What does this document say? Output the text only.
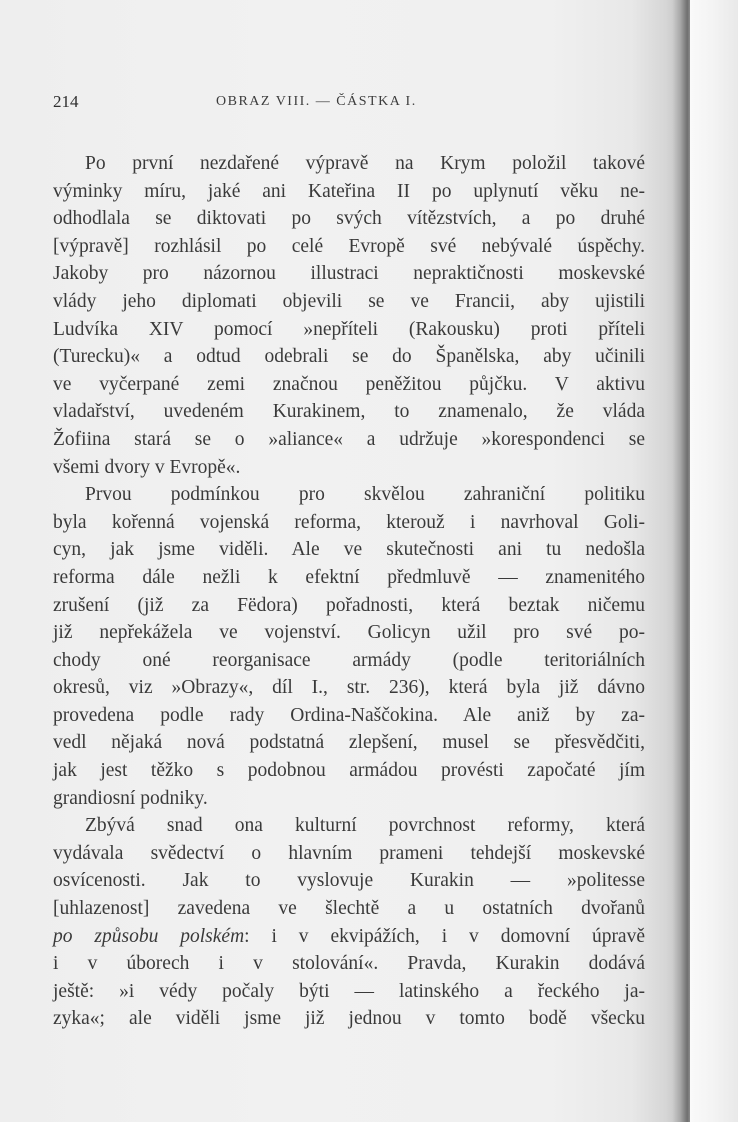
214	OBRAZ VIII. — ČÁSTKA I.
Po první nezdařené výpravě na Krym položil takové
výminky míru, jaké ani Kateřina II po uplynutí věku ne-
odhodlala se diktovati po svých vítězstvích, a po druhé
[výpravě] rozhlásil po celé Evropě své nebývalé úspěchy.
Jakoby pro názornou illustraci nepraktičnosti moskevské
vlády jeho diplomati objevili se ve Francii, aby ujistili
Ludvíka XIV pomocí »nepříteli (Rakousku) proti příteli
(Turecku)« a odtud odebrali se do Španělska, aby učinili
ve vyčerpané zemi značnou peněžitou půjčku. V aktivu
vladařství, uvedeném Kurakinem, to znamenalo, že vláda
Žofiina stará se o »aliance« a udržuje »korespondenci se
všemi dvory v Evropě«.
Prvou podmínkou pro skvělou zahraniční politiku
byla kořenná vojenská reforma, kterouž i navrhoval Goli-
cyn, jak jsme viděli. Ale ve skutečnosti ani tu nedošla
reforma dále nežli k efektní předmluvě — znamenitého
zrušení (již za Fëdora) pořadnosti, která beztak ničemu
již nepřekážela ve vojenství. Golicyn užil pro své po-
chody oné reorganisace armády (podle teritoriálních
okresů, viz »Obrazy«, díl I., str. 236), která byla již dávno
provedena podle rady Ordina-Naščokina. Ale aniž by za-
vedl nějaká nová podstatná zlepšení, musel se přesvědčiti,
jak jest těžko s podobnou armádou provésti započaté jím
grandiosní podniky.
Zbývá snad ona kulturní povrchnost reformy, která
vydávala svědectví o hlavním prameni tehdejší moskevské
osvícenosti. Jak to vyslovuje Kurakin — »politesse
[uhlazenost] zavedena ve šlechtě a u ostatních dvořanů
po způsobu polském: i v ekvipážích, i v domovní úpravě
i v úborech i v stolování«. Pravda, Kurakin dodává
ještě: »i védy počaly býti — latinského a řeckého ja-
zyka«; ale viděli jsme již jednou v tomto bodě všecku
